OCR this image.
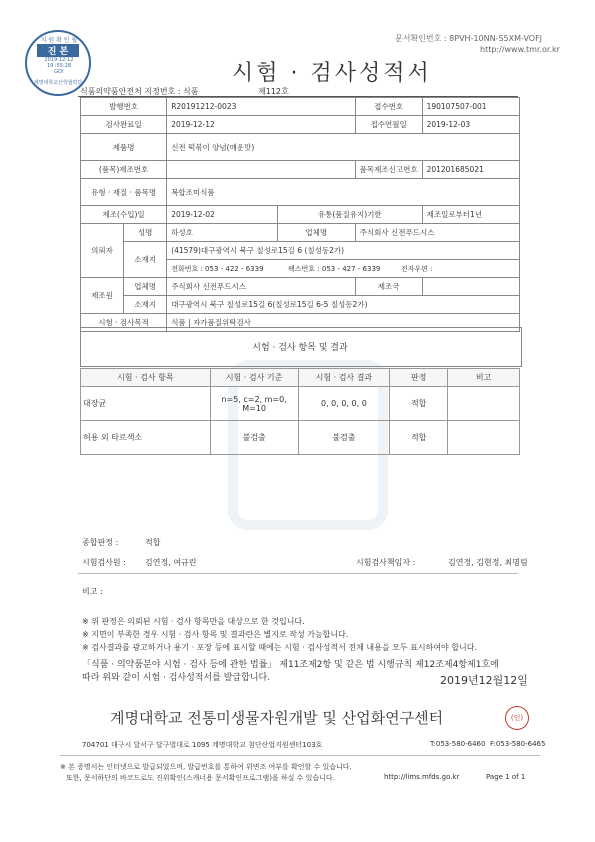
문서확인번호 : 8PVH-10NN-S5XM-VOFJ
http://www.tmr.or.kr
지 원 확 인 필
진 본
2019-12-12
19 :55:28
GO!
계명대학교산학협력단	시험 · 검사성적서
식품의약품안전처 지정번호 : 식품	제112호
발행번호		R20191212-0023		접수번호	190107507-001
검사완료일		2019-12-12		접수연월일	2019-12-03
제품명		신전 떡볶이 양념(매운맛)			
(품목)제조번호				품목제조신고번호	201201685021
유형 · 재질 · 품목명		복합조미식품			
제조(수입)일		2019-12-02	유통(품질유지)기한		제조일로부터1년
의뢰자	성명	하성호	업체명	주식회사 신전푸드시스	
	소재지	(41579)대구광역시 북구 칠성로15길 6 (칠성동2가)			
		전화번호 : 053 - 422 - 6339 팩스번호 : 053 - 427 - 6339 전자우편 :			
제조원	업체명	주식회사 신전푸드시스		제조국	
	소재지	대구광역시 북구 칠성로15길 6(칠성로15길 6-5 칠성동2가)			
시험 · 검사목적		식품 | 자가품질위탁검사			
시험 · 검사 항목 및 결과
시험 · 검사 항목	시험 · 검사 기준	시험 · 검사 결과	판정	비고
대장균	n=5, c=2, m=0, M=10	0, 0, 0, 0, 0	적합	
허용 외 타르색소	불검출	불검출	적합	
종합판정 :	적합
시험검사원 : 김연정, 여규린	시험검사책임자 :	김연정, 김현정, 최명림
비고 :
※ 위 판정은 의뢰된 시험 · 검사 항목만을 대상으로 한 것입니다.
※ 지면이 부족한 경우 시험 · 검사 항목 및 결과란은 별지로 작성 가능합니다.
※ 검사결과를 광고하거나 용기 · 포장 등에 표시할 때에는 시험 · 검사성적서 전체 내용을 모두 표시하여야 합니다.
「식품 · 의약품분야 시험 · 검사 등에 관한 법률」 제11조제2항 및 같은 법 시행규칙 제12조제4항제1호에
따라 위와 같이 시험 · 검사성적서를 발급합니다.	2019년12월12일
계명대학교 전통미생물자원개발 및 산업화연구센터	(인)
704701 대구시 달서구 달구벌대로 1095 계명대학교 첨단산업지원센터103호	T:053-580-6460 F:053-580-6465
※ 본 증명서는 인터넷으로 발급되었으며, 발급번호를 통하여 위변조 여부를 확인할 수 있습니다.
또한, 문서하단의 바코드로도 진위확인(스캐너용 문서확인프로그램)을 하실 수 있습니다.	http://lims.mfds.go.kr	Page 1 of 1
